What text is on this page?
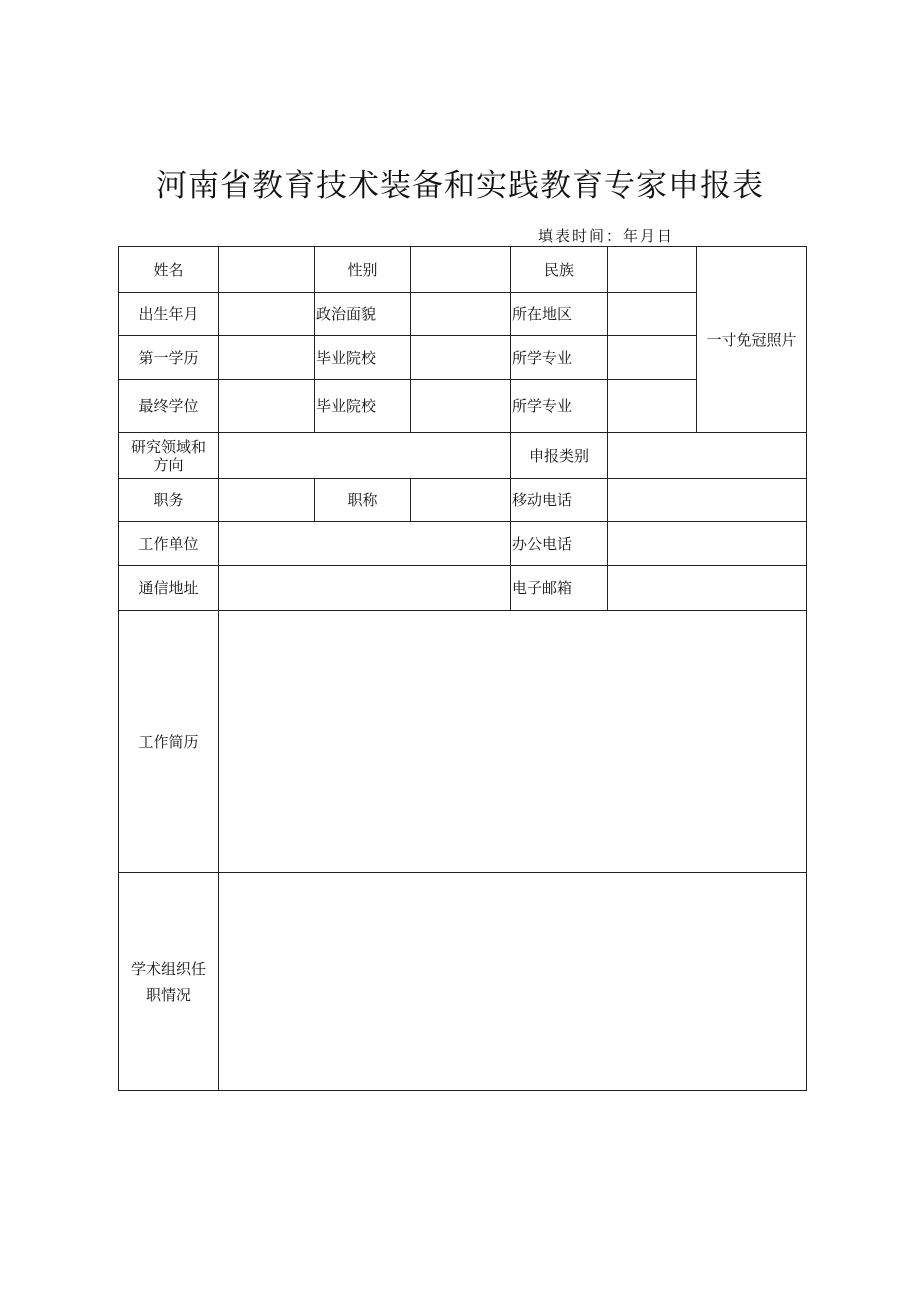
河南省教育技术装备和实践教育专家申报表
填表时间：年月日
姓名		性别		民族		一寸免冠照片
出生年月		政治面貌		所在地区		
第一学历		毕业院校		所学专业		
最终学位		毕业院校		所学专业		
研究领域和
方向				申报类别		
职务		职称		移动电话		
工作单位				办公电话		
通信地址				电子邮箱		
工作简历						
学术组织任
职情况						
